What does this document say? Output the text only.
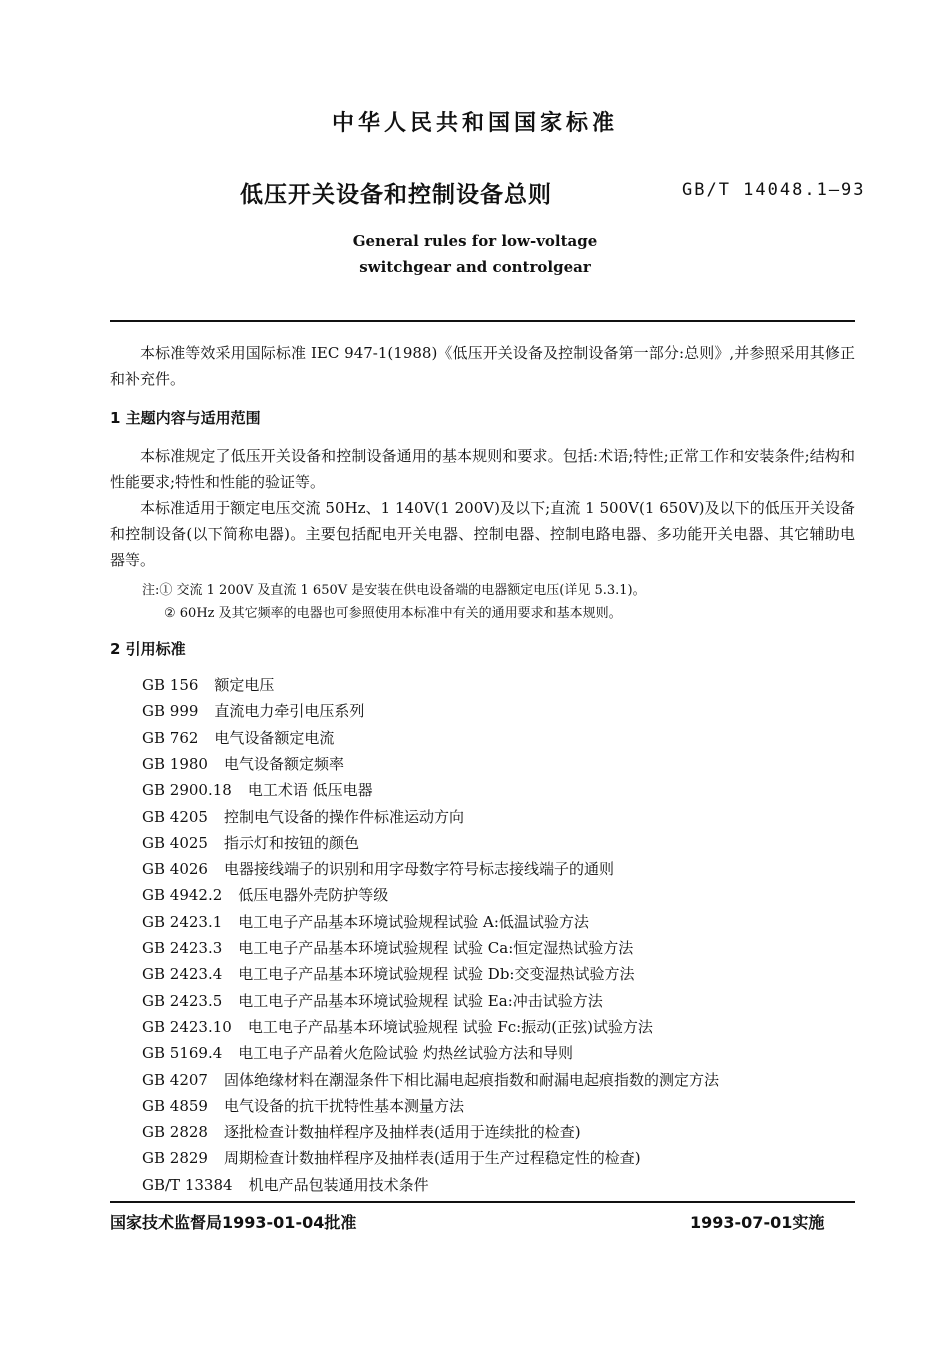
中华人民共和国国家标准
低压开关设备和控制设备总则	GB/T 14048.1—93
General rules for low-voltage
switchgear and controlgear
本标准等效采用国际标准 IEC 947-1(1988)《低压开关设备及控制设备第一部分:总则》,并参照采用其修正和补充件。
1 主题内容与适用范围
本标准规定了低压开关设备和控制设备通用的基本规则和要求。包括:术语;特性;正常工作和安装条件;结构和性能要求;特性和性能的验证等。
本标准适用于额定电压交流 50Hz、1 140V(1 200V)及以下;直流 1 500V(1 650V)及以下的低压开关设备和控制设备(以下简称电器)。主要包括配电开关电器、控制电器、控制电路电器、多功能开关电器、其它辅助电器等。
注:① 交流 1 200V 及直流 1 650V 是安装在供电设备端的电器额定电压(详见 5.3.1)。
② 60Hz 及其它频率的电器也可参照使用本标准中有关的通用要求和基本规则。
2 引用标准
GB 156 额定电压
GB 999 直流电力牵引电压系列
GB 762 电气设备额定电流
GB 1980 电气设备额定频率
GB 2900.18 电工术语 低压电器
GB 4205 控制电气设备的操作件标准运动方向
GB 4025 指示灯和按钮的颜色
GB 4026 电器接线端子的识别和用字母数字符号标志接线端子的通则
GB 4942.2 低压电器外壳防护等级
GB 2423.1 电工电子产品基本环境试验规程试验 A:低温试验方法
GB 2423.3 电工电子产品基本环境试验规程 试验 Ca:恒定湿热试验方法
GB 2423.4 电工电子产品基本环境试验规程 试验 Db:交变湿热试验方法
GB 2423.5 电工电子产品基本环境试验规程 试验 Ea:冲击试验方法
GB 2423.10 电工电子产品基本环境试验规程 试验 Fc:振动(正弦)试验方法
GB 5169.4 电工电子产品着火危险试验 灼热丝试验方法和导则
GB 4207 固体绝缘材料在潮湿条件下相比漏电起痕指数和耐漏电起痕指数的测定方法
GB 4859 电气设备的抗干扰特性基本测量方法
GB 2828 逐批检查计数抽样程序及抽样表(适用于连续批的检查)
GB 2829 周期检查计数抽样程序及抽样表(适用于生产过程稳定性的检查)
GB/T 13384 机电产品包装通用技术条件
国家技术监督局1993-01-04批准	1993-07-01实施
